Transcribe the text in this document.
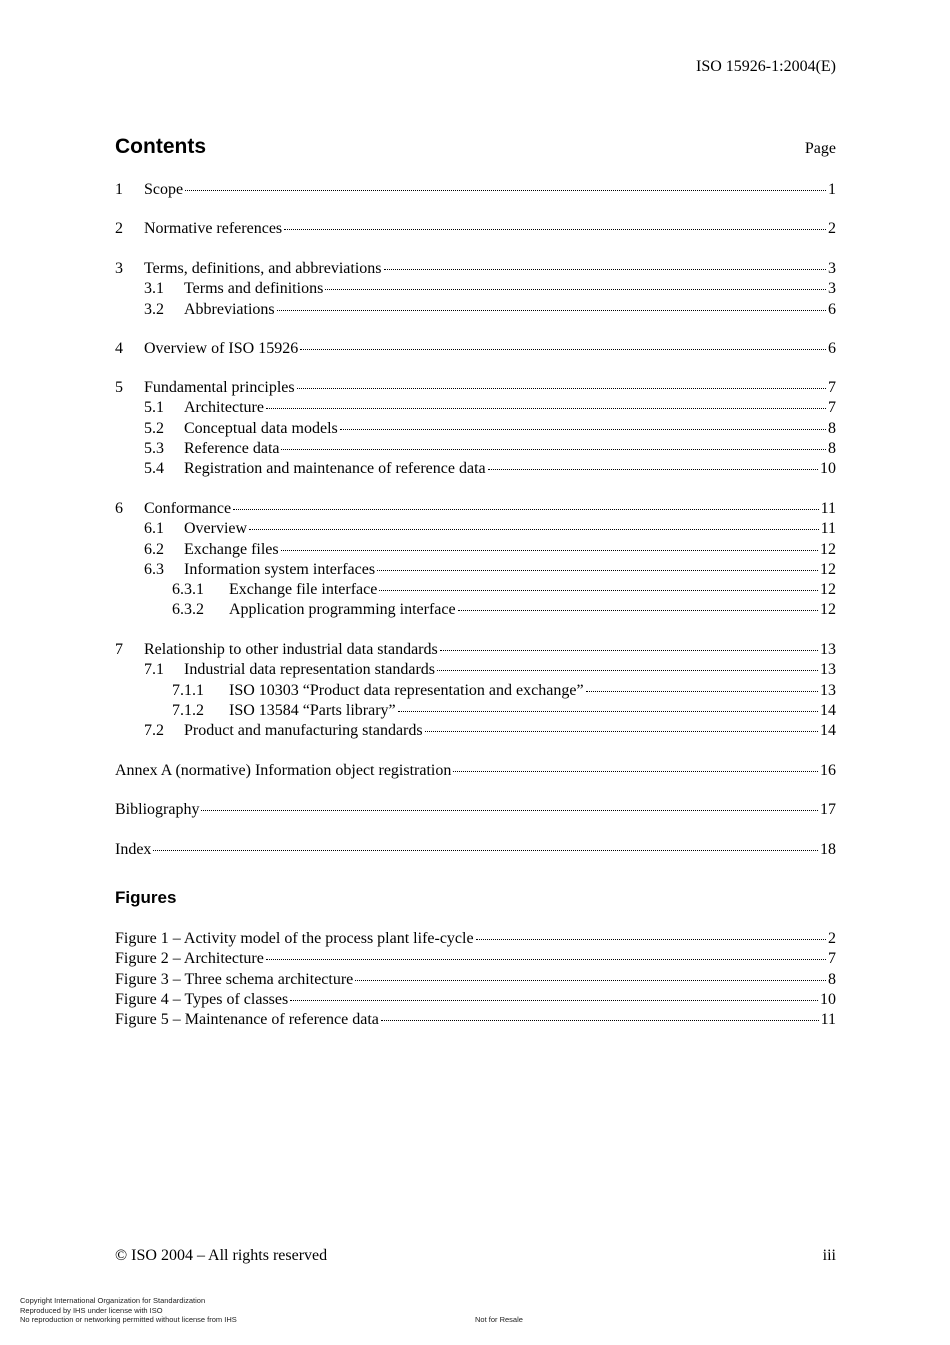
ISO 15926-1:2004(E)
Contents	Page
1	Scope	1
2	Normative references	2
3	Terms, definitions, and abbreviations	3
3.1	Terms and definitions	3
3.2	Abbreviations	6
4	Overview of ISO 15926	6
5	Fundamental principles	7
5.1	Architecture	7
5.2	Conceptual data models	8
5.3	Reference data	8
5.4	Registration and maintenance of reference data	10
6	Conformance	11
6.1	Overview	11
6.2	Exchange files	12
6.3	Information system interfaces	12
6.3.1	Exchange file interface	12
6.3.2	Application programming interface	12
7	Relationship to other industrial data standards	13
7.1	Industrial data representation standards	13
7.1.1	ISO 10303 “Product data representation and exchange”	13
7.1.2	ISO 13584 “Parts library”	14
7.2	Product and manufacturing standards	14
Annex A (normative) Information object registration	16
Bibliography	17
Index	18
Figures
Figure 1 – Activity model of the process plant life-cycle	2
Figure 2 – Architecture	7
Figure 3 – Three schema architecture	8
Figure 4 – Types of classes	10
Figure 5 – Maintenance of reference data	11
© ISO 2004 – All rights reserved	iii
Copyright International Organization for Standardization
Reproduced by IHS under license with ISO
No reproduction or networking permitted without license from IHS	Not for Resale
